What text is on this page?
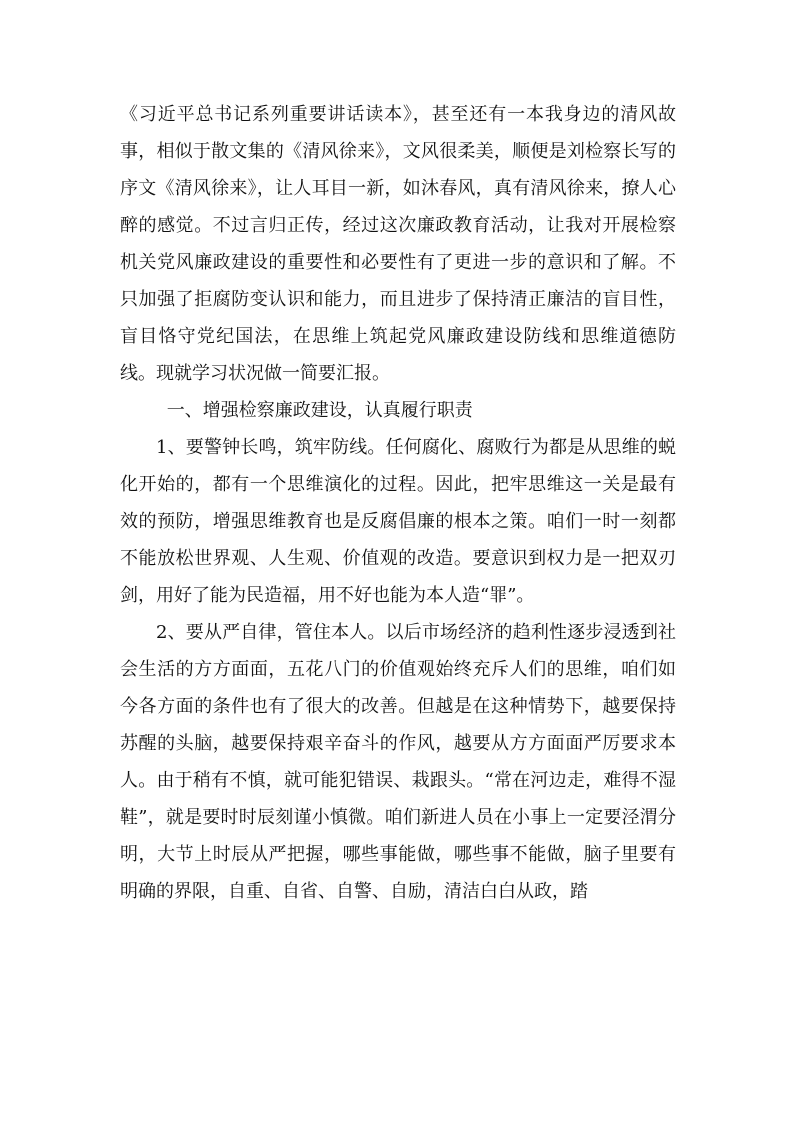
《习近平总书记系列重要讲话读本》，甚至还有一本我身边的清风故事，相似于散文集的《清风徐来》，文风很柔美，顺便是刘检察长写的序文《清风徐来》，让人耳目一新，如沐春风，真有清风徐来，撩人心醉的感觉。不过言归正传，经过这次廉政教育活动，让我对开展检察机关党风廉政建设的重要性和必要性有了更进一步的意识和了解。不只加强了拒腐防变认识和能力，而且进步了保持清正廉洁的盲目性，盲目恪守党纪国法，在思维上筑起党风廉政建设防线和思维道德防线。现就学习状况做一简要汇报。

一、增强检察廉政建设，认真履行职责

1、要警钟长鸣，筑牢防线。任何腐化、腐败行为都是从思维的蜕化开始的，都有一个思维演化的过程。因此，把牢思维这一关是最有效的预防，增强思维教育也是反腐倡廉的根本之策。咱们一时一刻都不能放松世界观、人生观、价值观的改造。要意识到权力是一把双刃剑，用好了能为民造福，用不好也能为本人造“罪”。

2、要从严自律，管住本人。以后市场经济的趋利性逐步浸透到社会生活的方方面面，五花八门的价值观始终充斥人们的思维，咱们如今各方面的条件也有了很大的改善。但越是在这种情势下，越要保持苏醒的头脑，越要保持艰辛奋斗的作风，越要从方方面面严厉要求本人。由于稍有不慎，就可能犯错误、栽跟头。“常在河边走，难得不湿鞋”，就是要时时辰刻谨小慎微。咱们新进人员在小事上一定要泾渭分明，大节上时辰从严把握，哪些事能做，哪些事不能做，脑子里要有明确的界限，自重、自省、自警、自励，清洁白白从政，踏
